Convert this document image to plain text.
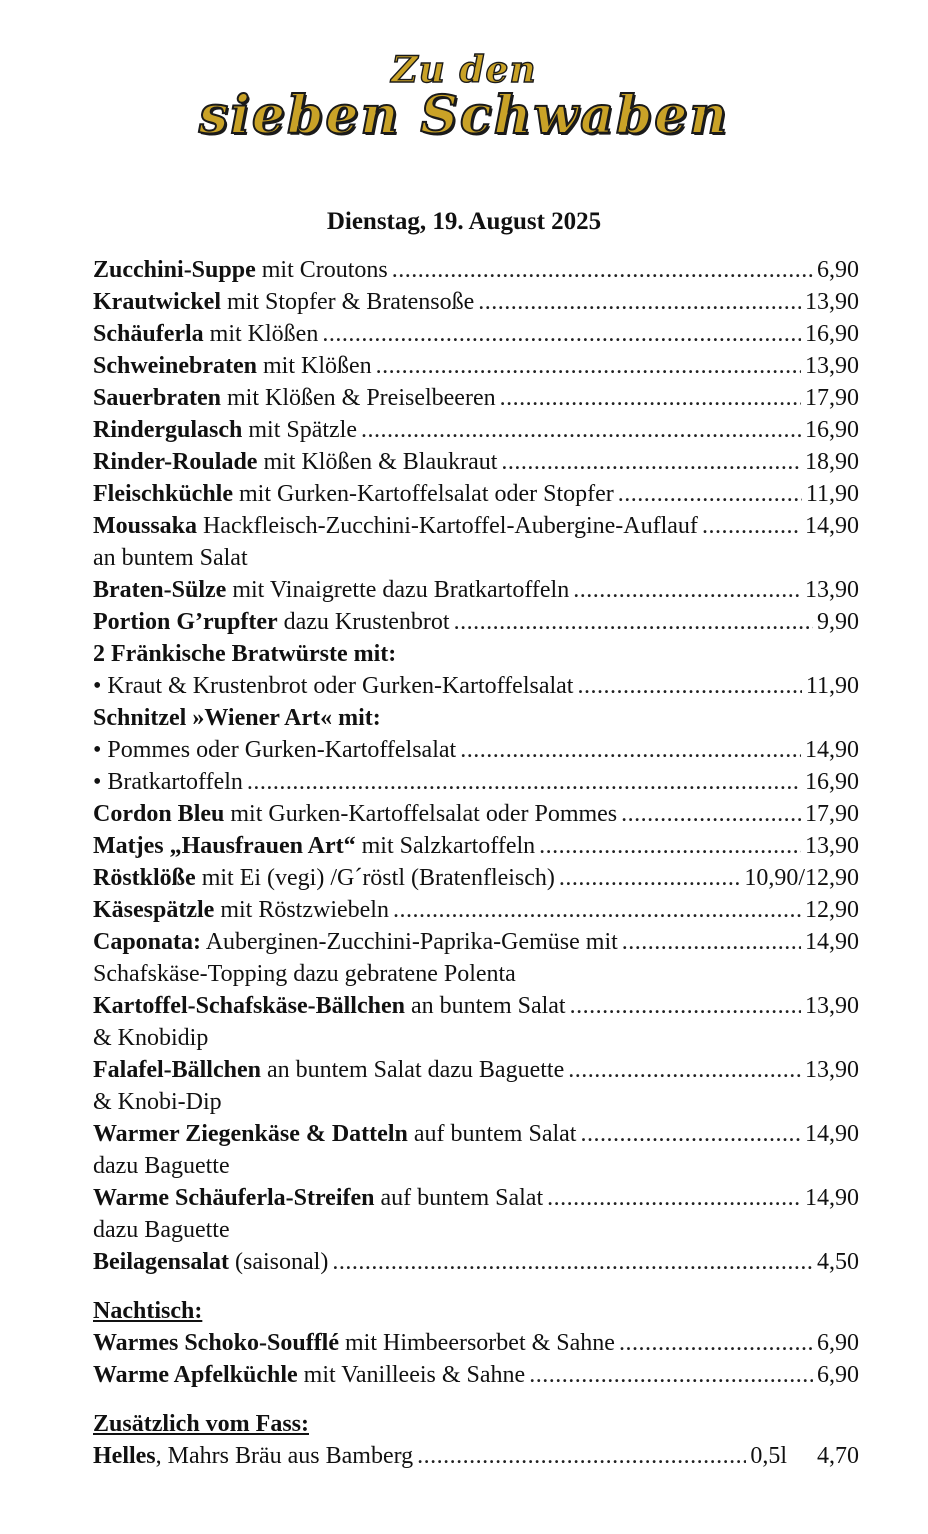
Zu den
sieben Schwaben
Dienstag, 19. August 2025
Zucchini-Suppe mit Croutons .....	6,90
Krautwickel mit Stopfer & Bratensoße .....	13,90
Schäuferla mit Klößen .....	16,90
Schweinebraten mit Klößen .....	13,90
Sauerbraten mit Klößen & Preiselbeeren .....	17,90
Rindergulasch mit Spätzle .....	16,90
Rinder-Roulade mit Klößen & Blaukraut .....	18,90
Fleischküchle mit Gurken-Kartoffelsalat oder Stopfer .....	11,90
Moussaka Hackfleisch-Zucchini-Kartoffel-Aubergine-Auflauf .....	14,90
an buntem Salat
Braten-Sülze mit Vinaigrette dazu Bratkartoffeln .....	13,90
Portion G’rupfter dazu Krustenbrot .....	9,90
2 Fränkische Bratwürste mit:
• Kraut & Krustenbrot oder Gurken-Kartoffelsalat .....	11,90
Schnitzel »Wiener Art« mit:
• Pommes oder Gurken-Kartoffelsalat .....	14,90
• Bratkartoffeln .....	16,90
Cordon Bleu mit Gurken-Kartoffelsalat oder Pommes .....	17,90
Matjes „Hausfrauen Art“ mit Salzkartoffeln .....	13,90
Röstklöße mit Ei (vegi) /G´röstl (Bratenfleisch) .....	10,90/12,90
Käsespätzle mit Röstzwiebeln .....	12,90
Caponata: Auberginen-Zucchini-Paprika-Gemüse mit .....	14,90
Schafskäse-Topping dazu gebratene Polenta
Kartoffel-Schafskäse-Bällchen an buntem Salat .....	13,90
& Knobidip
Falafel-Bällchen an buntem Salat dazu Baguette .....	13,90
& Knobi-Dip
Warmer Ziegenkäse & Datteln auf buntem Salat .....	14,90
dazu Baguette
Warme Schäuferla-Streifen auf buntem Salat .....	14,90
dazu Baguette
Beilagensalat (saisonal) .....	4,50
Nachtisch:
Warmes Schoko-Soufflé mit Himbeersorbet & Sahne .....	6,90
Warme Apfelküchle mit Vanilleeis & Sahne .....	6,90
Zusätzlich vom Fass:
Helles, Mahrs Bräu aus Bamberg .....	0,5l 4,70
